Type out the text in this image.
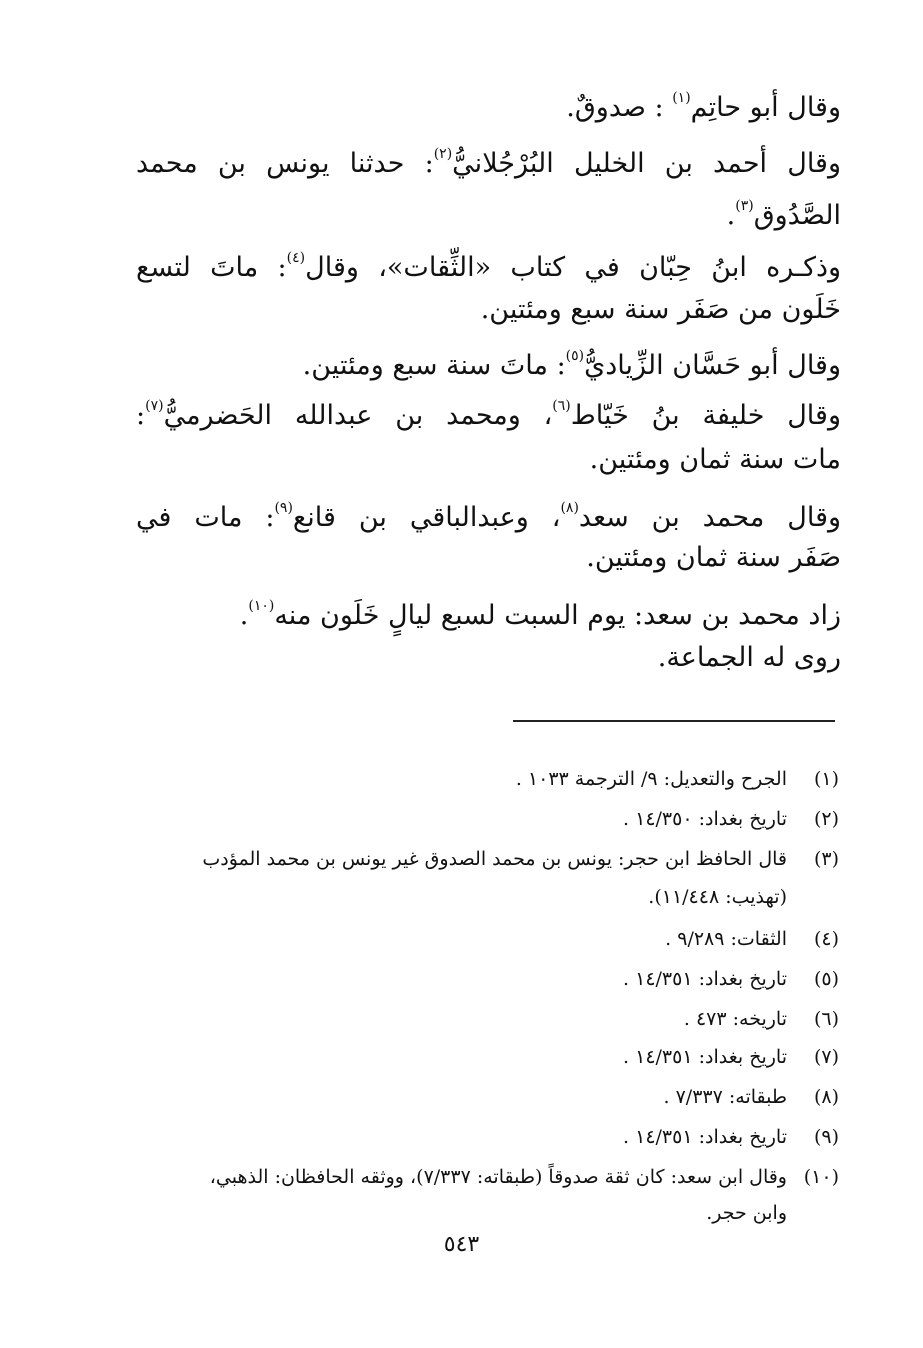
وقال أبو حاتِم$^{(١)}$ : صدوقٌ.
وقال أحمد بن الخليل البُرْجُلانيُّ$^{(٢)}$: حدثنا يونس بن محمد
الصَّدُوق$^{(٣)}$.
وذكـره ابنُ حِبّان في كتاب «الثِّقات»، وقال$^{(٤)}$: ماتَ لتسع
خَلَون من صَفَر سنة سبع ومئتين.
وقال أبو حَسَّان الزِّياديُّ$^{(٥)}$: ماتَ سنة سبع ومئتين.
وقال خليفة بنُ خَيّاط$^{(٦)}$، ومحمد بن عبدالله الحَضرميُّ$^{(٧)}$:
مات سنة ثمان ومئتين.
وقال محمد بن سعد$^{(٨)}$، وعبدالباقي بن قانع$^{(٩)}$: مات في
صَفَر سنة ثمان ومئتين.
زاد محمد بن سعد: يوم السبت لسبع ليالٍ خَلَون منه$^{(١٠)}$.
روى له الجماعة.
(١)الجرح والتعديل: ٩/ الترجمة ١٠٣٣ .
(٢)تاريخ بغداد: ١٤/٣٥٠ .
(٣)قال الحافظ ابن حجر: يونس بن محمد الصدوق غير يونس بن محمد المؤدب
(تهذيب: ١١/٤٤٨).
(٤)الثقات: ٩/٢٨٩ .
(٥)تاريخ بغداد: ١٤/٣٥١ .
(٦)تاريخه: ٤٧٣ .
(٧)تاريخ بغداد: ١٤/٣٥١ .
(٨)طبقاته: ٧/٣٣٧ .
(٩)تاريخ بغداد: ١٤/٣٥١ .
(١٠)وقال ابن سعد: كان ثقة صدوقاً (طبقاته: ٧/٣٣٧)، ووثقه الحافظان: الذهبي،
وابن حجر.
٥٤٣
